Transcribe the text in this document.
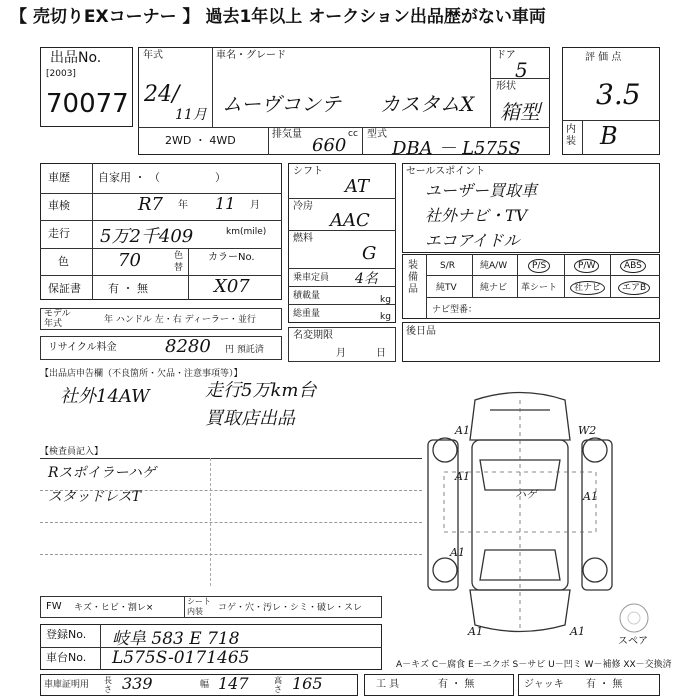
【 売切りEXコーナー 】 過去1年以上 オークション出品歴がない車両
出品No.
[2003]
70077
年式
24/
11月
車名・グレード
ムーヴコンテ カスタムX
ドア
5
形状
箱型
2WD ・ 4WD	排気量
660
cc 型式
DBA － L575S
評 価 点
3.5
内装 B
車歴	自家用 ・ （　　　　　）
車検	R7 年 11 月
走行 5万2千409	km(mile)
色	70	色替
カラーNo.
X07
保証書 有 ・ 無
モデル年式	年 ハンドル 左・右 ディーラー・並行
リサイクル料金	8280 円 預託済
シフト
AT
冷房
AAC
燃料
G
乗車定員 4名
積載量	kg
総重量	kg
名変期限
月　　　日
セールスポイント
ユーザー買取車
社外ナビ・TV
エコアイドル
装備品
S/R	純A/W	P/S	P/W	ABS
純TV	純ナビ 革シート	社ナビ	エアB
ナビ型番：
後日品
【出品店申告欄（不良箇所・欠品・注意事項等）】
社外14AW	走行5万km台
買取店出品
【検査員記入】
Rスポイラーハゲ
スタッドレスT
A1	W2
A1
ハゲ	A1
A1
A1	A1
スペア
FW キズ・ヒビ・割レ×
シート内装	コゲ・穴・汚レ・シミ・破レ・スレ
登録No. 岐阜 583 E 718
車台No. L575S-0171465	A－キズ C－腐食 E－エクボ S－サビ U－凹ミ W－補修 XX－交換済
車庫証明用 長さ 339	幅 147	高さ 165	工 具	有 ・ 無	ジャッキ 有 ・ 無
